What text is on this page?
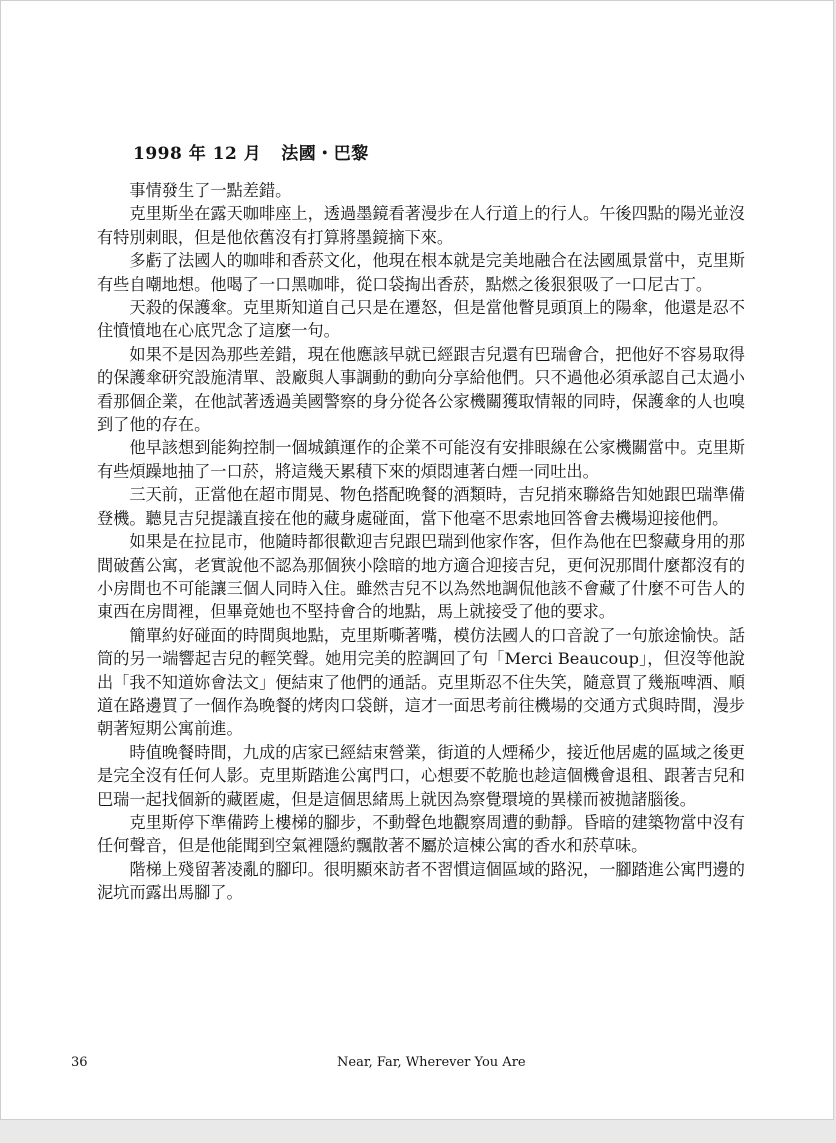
1998 年 12 月 法國・巴黎

事情發生了一點差錯。

克里斯坐在露天咖啡座上，透過墨鏡看著漫步在人行道上的行人。午後四點的陽光並沒有特別刺眼，但是他依舊沒有打算將墨鏡摘下來。

多虧了法國人的咖啡和香菸文化，他現在根本就是完美地融合在法國風景當中，克里斯有些自嘲地想。他喝了一口黑咖啡，從口袋掏出香菸，點燃之後狠狠吸了一口尼古丁。

天殺的保護傘。克里斯知道自己只是在遷怒，但是當他瞥見頭頂上的陽傘，他還是忍不住憤憤地在心底咒念了這麼一句。

如果不是因為那些差錯，現在他應該早就已經跟吉兒還有巴瑞會合，把他好不容易取得的保護傘研究設施清單、設廠與人事調動的動向分享給他們。只不過他必須承認自己太過小看那個企業，在他試著透過美國警察的身分從各公家機關獲取情報的同時，保護傘的人也嗅到了他的存在。

他早該想到能夠控制一個城鎮運作的企業不可能沒有安排眼線在公家機關當中。克里斯有些煩躁地抽了一口菸，將這幾天累積下來的煩悶連著白煙一同吐出。

三天前，正當他在超市閒晃、物色搭配晚餐的酒類時，吉兒捎來聯絡告知她跟巴瑞準備登機。聽見吉兒提議直接在他的藏身處碰面，當下他毫不思索地回答會去機場迎接他們。

如果是在拉昆市，他隨時都很歡迎吉兒跟巴瑞到他家作客，但作為他在巴黎藏身用的那間破舊公寓，老實說他不認為那個狹小陰暗的地方適合迎接吉兒，更何況那間什麼都沒有的小房間也不可能讓三個人同時入住。雖然吉兒不以為然地調侃他該不會藏了什麼不可告人的東西在房間裡，但畢竟她也不堅持會合的地點，馬上就接受了他的要求。

簡單約好碰面的時間與地點，克里斯嘶著嘴，模仿法國人的口音說了一句旅途愉快。話筒的另一端響起吉兒的輕笑聲。她用完美的腔調回了句「Merci Beaucoup」，但沒等他說出「我不知道妳會法文」便結束了他們的通話。克里斯忍不住失笑，隨意買了幾瓶啤酒、順道在路邊買了一個作為晚餐的烤肉口袋餅，這才一面思考前往機場的交通方式與時間，漫步朝著短期公寓前進。

時值晚餐時間，九成的店家已經結束營業，街道的人煙稀少，接近他居處的區域之後更是完全沒有任何人影。克里斯踏進公寓門口，心想要不乾脆也趁這個機會退租、跟著吉兒和巴瑞一起找個新的藏匿處，但是這個思緒馬上就因為察覺環境的異樣而被拋諸腦後。

克里斯停下準備跨上樓梯的腳步，不動聲色地觀察周遭的動靜。昏暗的建築物當中沒有任何聲音，但是他能聞到空氣裡隱約飄散著不屬於這棟公寓的香水和菸草味。

階梯上殘留著凌亂的腳印。很明顯來訪者不習慣這個區域的路況，一腳踏進公寓門邊的泥坑而露出馬腳了。

36	Near, Far, Wherever You Are
